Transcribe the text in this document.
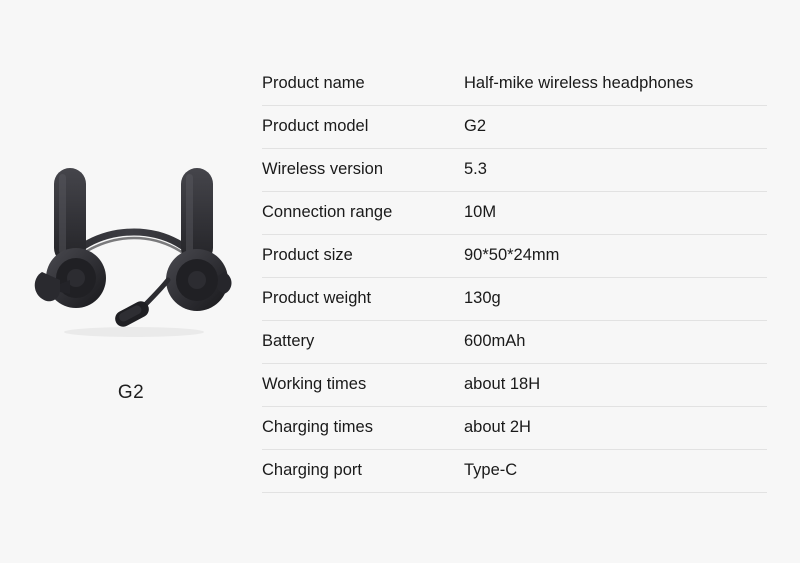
G2
Product name	Half-mike wireless headphones
Product model	G2
Wireless version	5.3
Connection range	10M
Product size	90*50*24mm
Product weight	130g
Battery	600mAh
Working times	about 18H
Charging times	about 2H
Charging port	Type-C
